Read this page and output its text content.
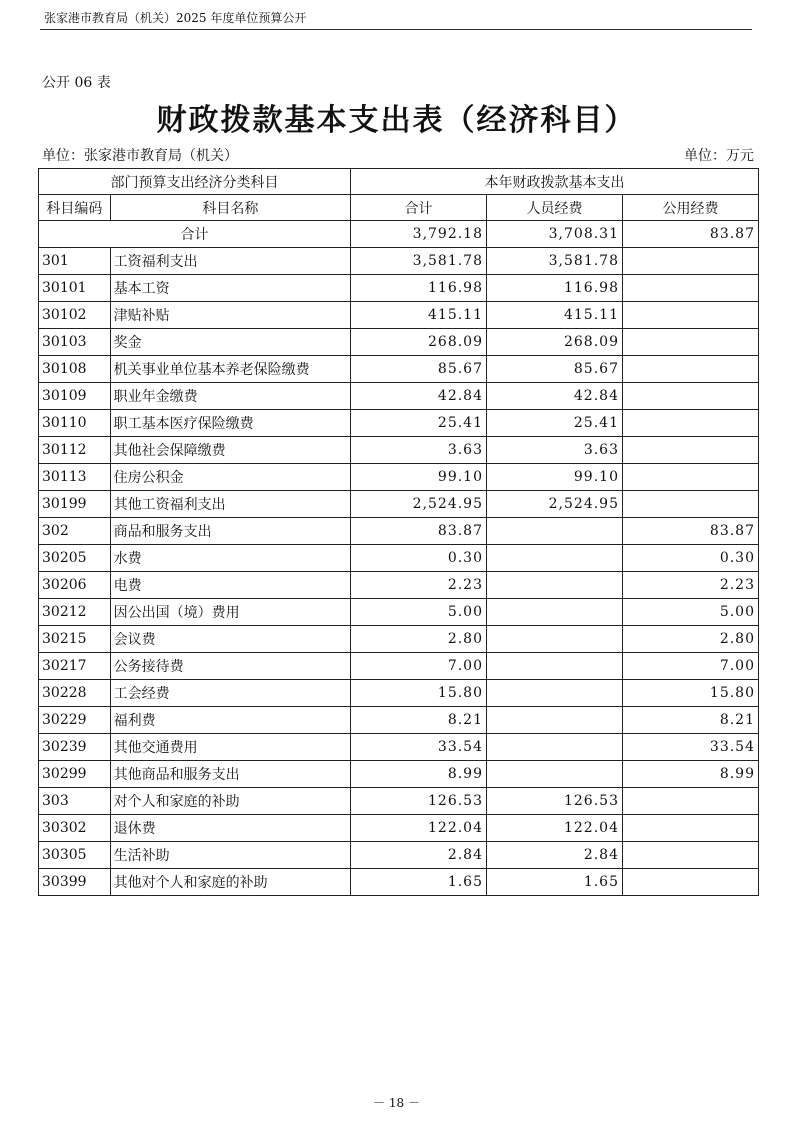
张家港市教育局（机关）2025 年度单位预算公开
公开 06 表
财政拨款基本支出表（经济科目）
单位：张家港市教育局（机关）	单位：万元
部门预算支出经济分类科目		本年财政拨款基本支出		
科目编码	科目名称	合计	人员经费	公用经费
合计		3,792.18	3,708.31	83.87
301	工资福利支出	3,581.78	3,581.78	
30101	基本工资	116.98	116.98	
30102	津贴补贴	415.11	415.11	
30103	奖金	268.09	268.09	
30108	机关事业单位基本养老保险缴费	85.67	85.67	
30109	职业年金缴费	42.84	42.84	
30110	职工基本医疗保险缴费	25.41	25.41	
30112	其他社会保障缴费	3.63	3.63	
30113	住房公积金	99.10	99.10	
30199	其他工资福利支出	2,524.95	2,524.95	
302	商品和服务支出	83.87		83.87
30205	水费	0.30		0.30
30206	电费	2.23		2.23
30212	因公出国（境）费用	5.00		5.00
30215	会议费	2.80		2.80
30217	公务接待费	7.00		7.00
30228	工会经费	15.80		15.80
30229	福利费	8.21		8.21
30239	其他交通费用	33.54		33.54
30299	其他商品和服务支出	8.99		8.99
303	对个人和家庭的补助	126.53	126.53	
30302	退休费	122.04	122.04	
30305	生活补助	2.84	2.84	
30399	其他对个人和家庭的补助	1.65	1.65	
－ 18 －
